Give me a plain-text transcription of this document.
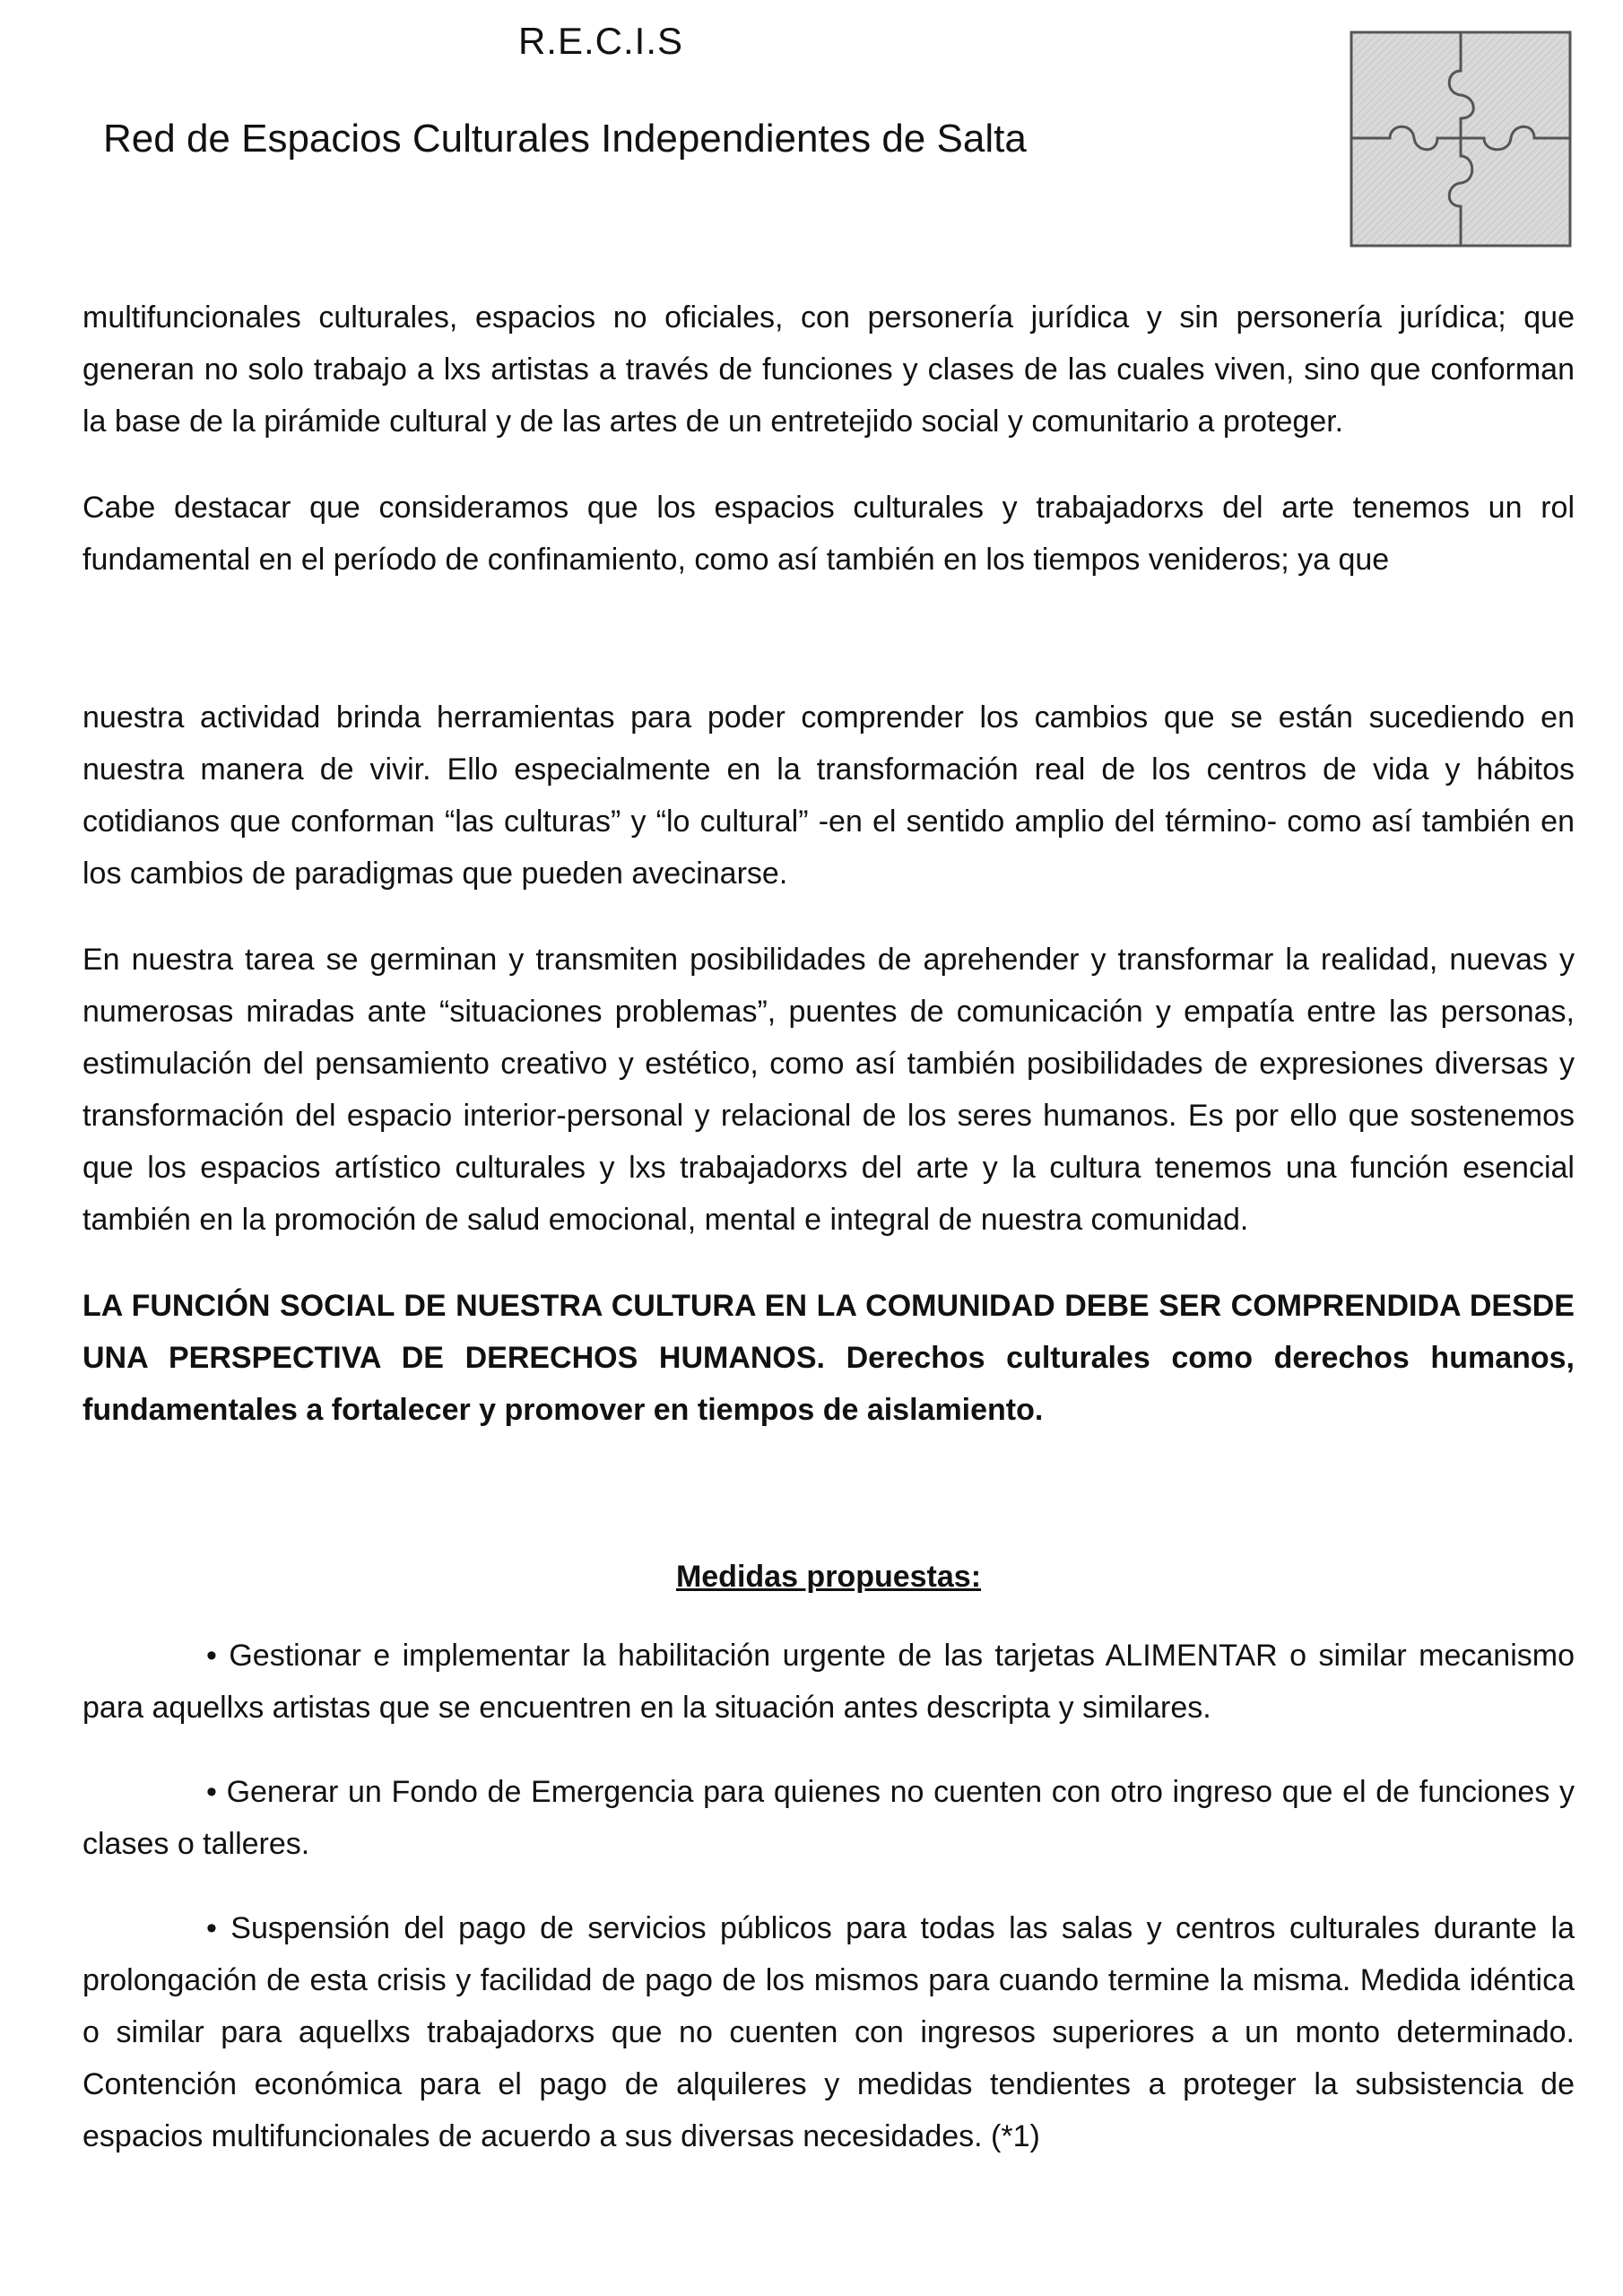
R.E.C.I.S
Red de Espacios Culturales Independientes de Salta

multifuncionales culturales, espacios no oficiales, con personería jurídica y sin personería jurídica; que generan no solo trabajo a lxs artistas a través de funciones y clases de las cuales viven, sino que conforman la base de la pirámide cultural y de las artes de un entretejido social y comunitario a proteger.

Cabe destacar que consideramos que los espacios culturales y trabajadorxs del arte tenemos un rol fundamental en el período de confinamiento, como así también en los tiempos venideros; ya que

nuestra actividad brinda herramientas para poder comprender los cambios que se están sucediendo en nuestra manera de vivir. Ello especialmente en la transformación real de los centros de vida y hábitos cotidianos que conforman “las culturas” y “lo cultural” -en el sentido amplio del término- como así también en los cambios de paradigmas que pueden avecinarse.

En nuestra tarea se germinan y transmiten posibilidades de aprehender y transformar la realidad, nuevas y numerosas miradas ante “situaciones problemas”, puentes de comunicación y empatía entre las personas, estimulación del pensamiento creativo y estético, como así también posibilidades de expresiones diversas y transformación del espacio interior-personal y relacional de los seres humanos. Es por ello que sostenemos que los espacios artístico culturales y lxs trabajadorxs del arte y la cultura tenemos una función esencial también en la promoción de salud emocional, mental e integral de nuestra comunidad.

LA FUNCIÓN SOCIAL DE NUESTRA CULTURA EN LA COMUNIDAD DEBE SER COMPRENDIDA DESDE UNA PERSPECTIVA DE DERECHOS HUMANOS. Derechos culturales como derechos humanos, fundamentales a fortalecer y promover en tiempos de aislamiento.

Medidas propuestas:

• Gestionar e implementar la habilitación urgente de las tarjetas ALIMENTAR o similar mecanismo para aquellxs artistas que se encuentren en la situación antes descripta y similares.

• Generar un Fondo de Emergencia para quienes no cuenten con otro ingreso que el de funciones y clases o talleres.

• Suspensión del pago de servicios públicos para todas las salas y centros culturales durante la prolongación de esta crisis y facilidad de pago de los mismos para cuando termine la misma. Medida idéntica o similar para aquellxs trabajadorxs que no cuenten con ingresos superiores a un monto determinado. Contención económica para el pago de alquileres y medidas tendientes a proteger la subsistencia de espacios multifuncionales de acuerdo a sus diversas necesidades. (*1)
